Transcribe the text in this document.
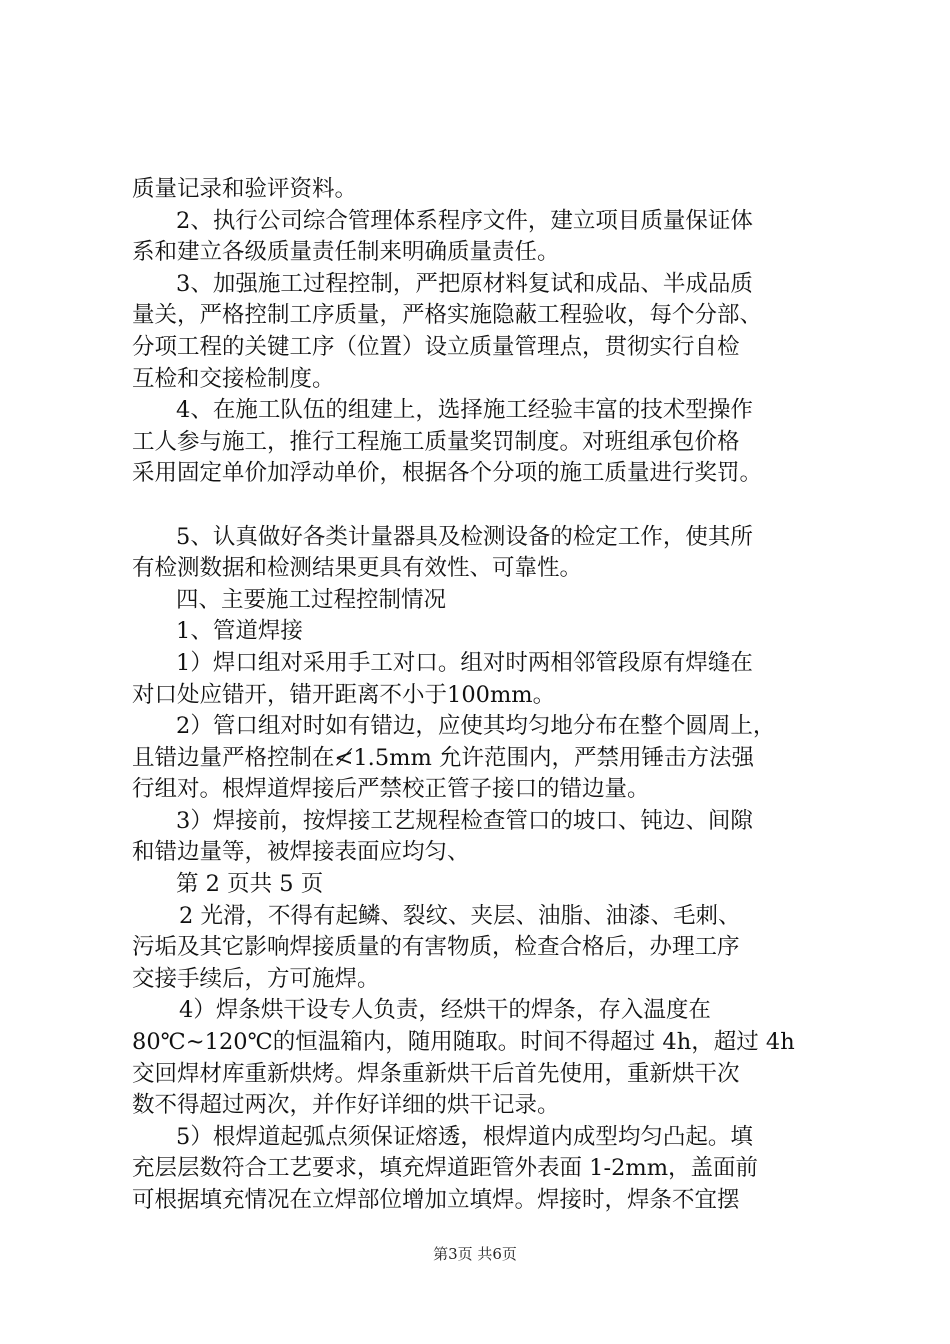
质量记录和验评资料。
2、执行公司综合管理体系程序文件，建立项目质量保证体
系和建立各级质量责任制来明确质量责任。
3、加强施工过程控制，严把原材料复试和成品、半成品质
量关，严格控制工序质量，严格实施隐蔽工程验收，每个分部、
分项工程的关键工序（位置）设立质量管理点，贯彻实行自检
互检和交接检制度。
4、在施工队伍的组建上，选择施工经验丰富的技术型操作
工人参与施工，推行工程施工质量奖罚制度。对班组承包价格
采用固定单价加浮动单价，根据各个分项的施工质量进行奖罚。
5、认真做好各类计量器具及检测设备的检定工作，使其所
有检测数据和检测结果更具有效性、可靠性。
四、主要施工过程控制情况
1、管道焊接
1）焊口组对采用手工对口。组对时两相邻管段原有焊缝在
对口处应错开，错开距离不小于100mm。
2）管口组对时如有错边，应使其均匀地分布在整个圆周上，
且错边量严格控制在≮1.5mm 允许范围内，严禁用锤击方法强
行组对。根焊道焊接后严禁校正管子接口的错边量。
3）焊接前，按焊接工艺规程检查管口的坡口、钝边、间隙
和错边量等，被焊接表面应均匀、
第 2 页共 5 页
2 光滑，不得有起鳞、裂纹、夹层、油脂、油漆、毛刺、
污垢及其它影响焊接质量的有害物质，检查合格后，办理工序
交接手续后，方可施焊。
4）焊条烘干设专人负责，经烘干的焊条，存入温度在
80℃~120℃的恒温箱内，随用随取。时间不得超过 4h，超过 4h
交回焊材库重新烘烤。焊条重新烘干后首先使用，重新烘干次
数不得超过两次，并作好详细的烘干记录。
5）根焊道起弧点须保证熔透，根焊道内成型均匀凸起。填
充层层数符合工艺要求，填充焊道距管外表面 1-2mm，盖面前
可根据填充情况在立焊部位增加立填焊。焊接时，焊条不宜摆
第3页 共6页
